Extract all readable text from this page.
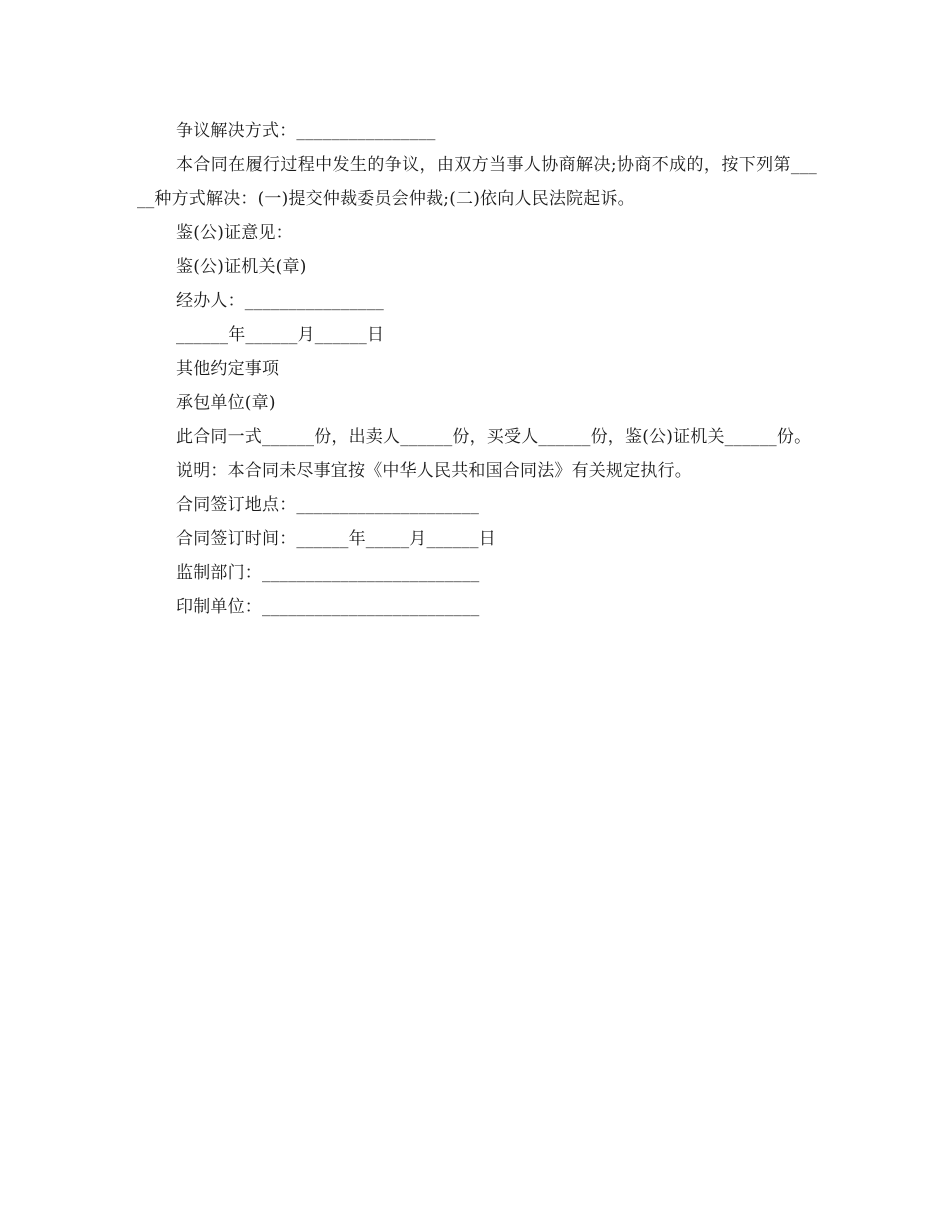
争议解决方式：________________

本合同在履行过程中发生的争议，由双方当事人协商解决;协商不成的，按下列第_____种方式解决：(一)提交仲裁委员会仲裁;(二)依向人民法院起诉。

鉴(公)证意见：

鉴(公)证机关(章)

经办人：________________

______年______月______日

其他约定事项

承包单位(章)

此合同一式______份，出卖人______份，买受人______份，鉴(公)证机关______份。

说明：本合同未尽事宜按《中华人民共和国合同法》有关规定执行。

合同签订地点：_____________________

合同签订时间：______年_____月______日

监制部门：_________________________

印制单位：_________________________
